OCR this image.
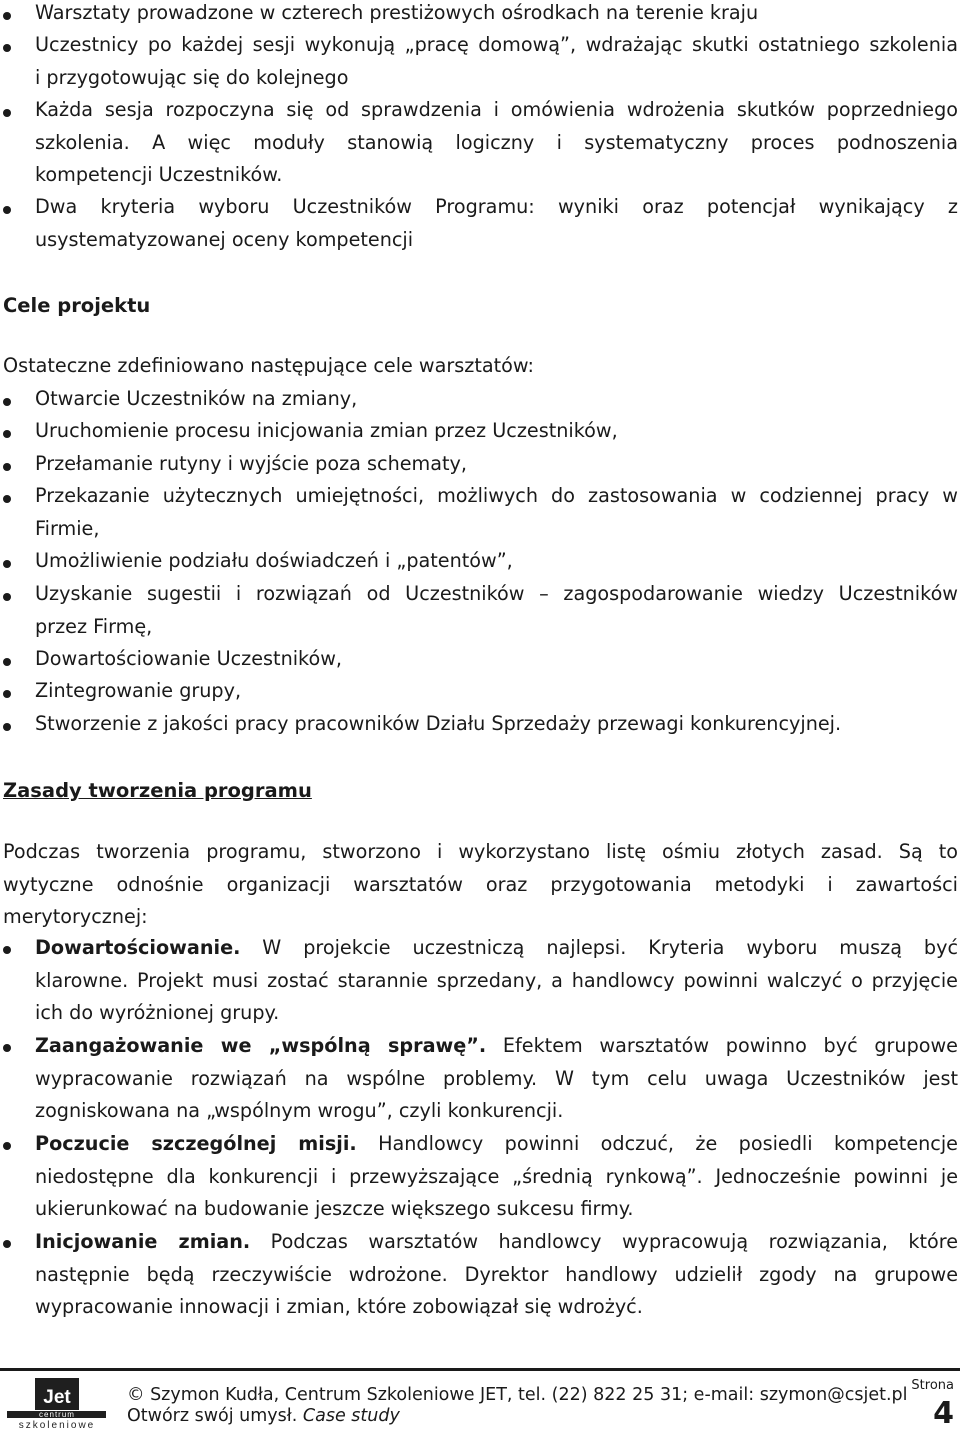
Warsztaty prowadzone w czterech prestiżowych ośrodkach na terenie kraju
Uczestnicy po każdej sesji wykonują „pracę domową”, wdrażając skutki ostatniego szkolenia
i przygotowując się do kolejnego
Każda sesja rozpoczyna się od sprawdzenia i omówienia wdrożenia skutków poprzedniego
szkolenia. A więc moduły stanowią logiczny i systematyczny proces podnoszenia
kompetencji Uczestników.
Dwa kryteria wyboru Uczestników Programu: wyniki oraz potencjał wynikający z
usystematyzowanej oceny kompetencji
Cele projektu
Ostateczne zdefiniowano następujące cele warsztatów:
Otwarcie Uczestników na zmiany,
Uruchomienie procesu inicjowania zmian przez Uczestników,
Przełamanie rutyny i wyjście poza schematy,
Przekazanie użytecznych umiejętności, możliwych do zastosowania w codziennej pracy w
Firmie,
Umożliwienie podziału doświadczeń i „patentów”,
Uzyskanie sugestii i rozwiązań od Uczestników – zagospodarowanie wiedzy Uczestników
przez Firmę,
Dowartościowanie Uczestników,
Zintegrowanie grupy,
Stworzenie z jakości pracy pracowników Działu Sprzedaży przewagi konkurencyjnej.
Zasady tworzenia programu
Podczas tworzenia programu, stworzono i wykorzystano listę ośmiu złotych zasad. Są to
wytyczne odnośnie organizacji warsztatów oraz przygotowania metodyki i zawartości
merytorycznej:
Dowartościowanie. W projekcie uczestniczą najlepsi. Kryteria wyboru muszą być
klarowne. Projekt musi zostać starannie sprzedany, a handlowcy powinni walczyć o przyjęcie
ich do wyróżnionej grupy.
Zaangażowanie we „wspólną sprawę”. Efektem warsztatów powinno być grupowe
wypracowanie rozwiązań na wspólne problemy. W tym celu uwaga Uczestników jest
zogniskowana na „wspólnym wrogu”, czyli konkurencji.
Poczucie szczególnej misji. Handlowcy powinni odczuć, że posiedli kompetencje
niedostępne dla konkurencji i przewyższające „średnią rynkową”. Jednocześnie powinni je
ukierunkować na budowanie jeszcze większego sukcesu firmy.
Inicjowanie zmian. Podczas warsztatów handlowcy wypracowują rozwiązania, które
następnie będą rzeczywiście wdrożone. Dyrektor handlowy udzielił zgody na grupowe
wypracowanie innowacji i zmian, które zobowiązał się wdrożyć.
Jet
centrum
szkoleniowe
© Szymon Kudła, Centrum Szkoleniowe JET, tel. (22) 822 25 31; e-mail: szymon@csjet.pl
Otwórz swój umysł. Case study
Strona
4
